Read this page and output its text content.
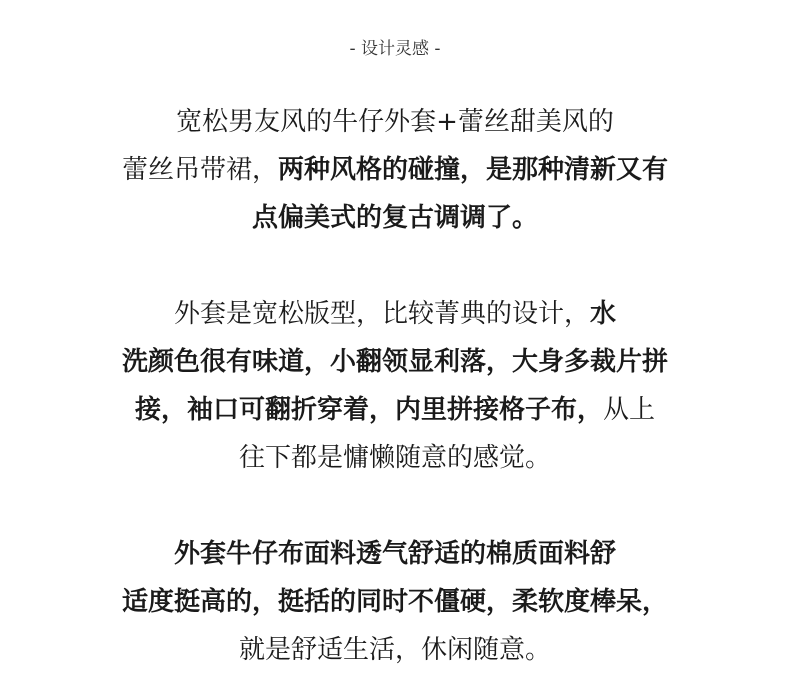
- 设计灵感 -
宽松男友风的牛仔外套+蕾丝甜美风的
蕾丝吊带裙，两种风格的碰撞，是那种清新又有
点偏美式的复古调调了。
外套是宽松版型，比较菁典的设计，水
洗颜色很有味道，小翻领显利落，大身多裁片拼
接，袖口可翻折穿着，内里拼接格子布，从上
往下都是慵懒随意的感觉。
外套牛仔布面料透气舒适的棉质面料舒
适度挺高的，挺括的同时不僵硬，柔软度棒呆，
就是舒适生活，休闲随意。
